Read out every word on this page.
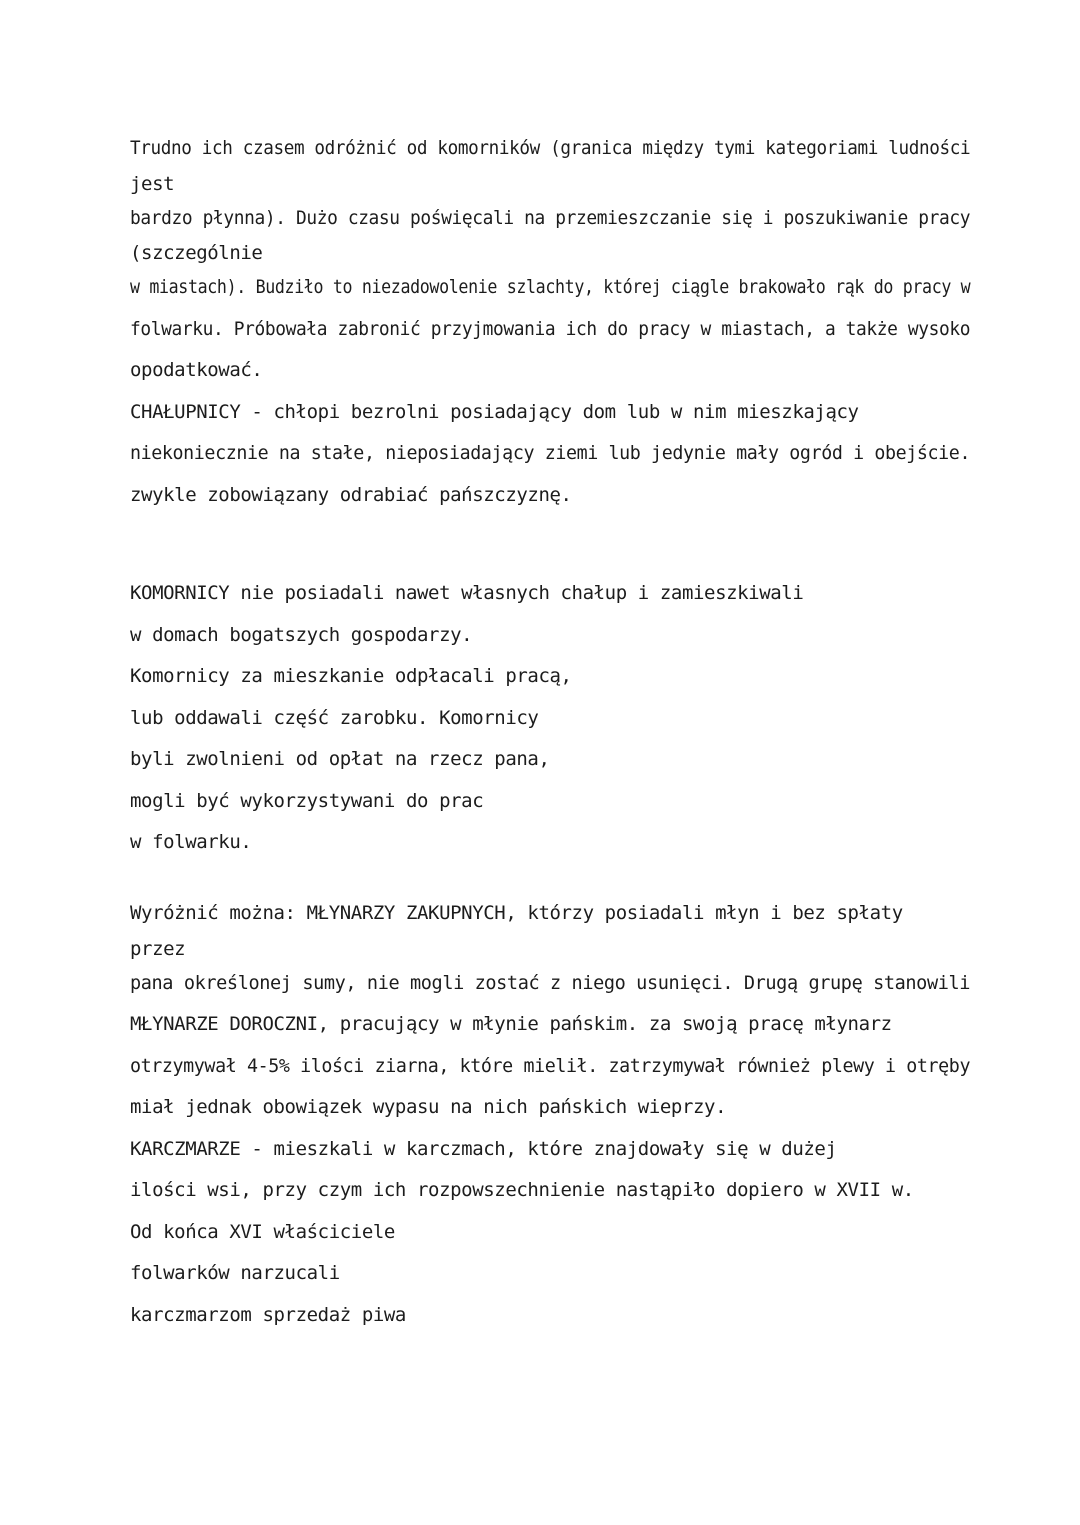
Trudno ich czasem odróżnić od komorników (granica między tymi kategoriami ludności
jest
bardzo płynna). Dużo czasu poświęcali na przemieszczanie się i poszukiwanie pracy
(szczególnie
w miastach). Budziło to niezadowolenie szlachty, której ciągle brakowało rąk do pracy w
folwarku. Próbowała zabronić przyjmowania ich do pracy w miastach, a także wysoko
opodatkować.
CHAŁUPNICY - chłopi bezrolni posiadający dom lub w nim mieszkający
niekoniecznie na stałe, nieposiadający ziemi lub jedynie mały ogród i obejście.
zwykle zobowiązany odrabiać pańszczyznę.
KOMORNICY nie posiadali nawet własnych chałup i zamieszkiwali
w domach bogatszych gospodarzy.
Komornicy za mieszkanie odpłacali pracą,
lub oddawali część zarobku. Komornicy
byli zwolnieni od opłat na rzecz pana,
mogli być wykorzystywani do prac
w folwarku.
Wyróżnić można: MŁYNARZY ZAKUPNYCH, którzy posiadali młyn i bez spłaty
przez
pana określonej sumy, nie mogli zostać z niego usunięci. Drugą grupę stanowili
MŁYNARZE DOROCZNI, pracujący w młynie pańskim. za swoją pracę młynarz
otrzymywał 4-5% ilości ziarna, które mielił. zatrzymywał również plewy i otręby
miał jednak obowiązek wypasu na nich pańskich wieprzy.
KARCZMARZE - mieszkali w karczmach, które znajdowały się w dużej
ilości wsi, przy czym ich rozpowszechnienie nastąpiło dopiero w XVII w.
Od końca XVI właściciele
folwarków narzucali
karczmarzom sprzedaż piwa
